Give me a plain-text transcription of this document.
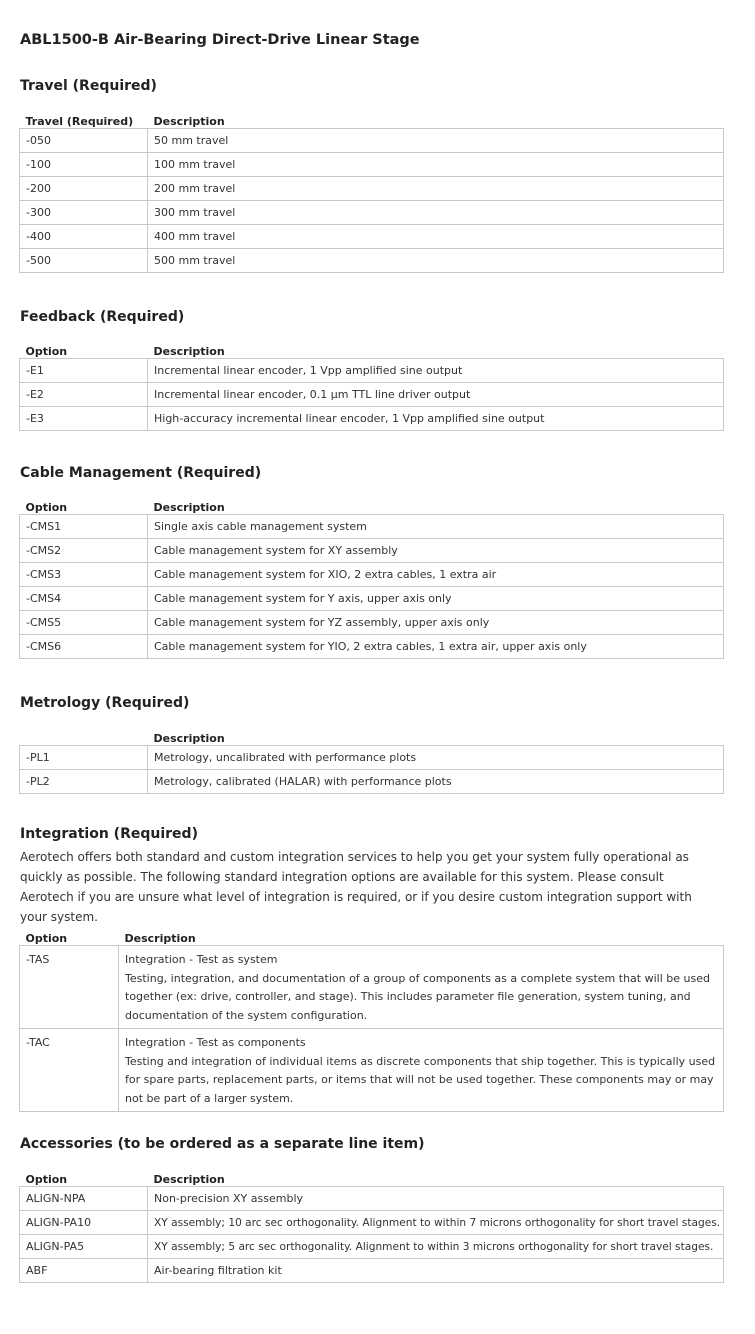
ABL1500-B Air-Bearing Direct-Drive Linear Stage
Travel (Required)
Travel (Required)	Description
-050	50 mm travel
-100	100 mm travel
-200	200 mm travel
-300	300 mm travel
-400	400 mm travel
-500	500 mm travel
Feedback (Required)
Option	Description
-E1	Incremental linear encoder, 1 Vpp amplified sine output
-E2	Incremental linear encoder, 0.1 µm TTL line driver output
-E3	High-accuracy incremental linear encoder, 1 Vpp amplified sine output
Cable Management (Required)
Option	Description
-CMS1	Single axis cable management system
-CMS2	Cable management system for XY assembly
-CMS3	Cable management system for XIO, 2 extra cables, 1 extra air
-CMS4	Cable management system for Y axis, upper axis only
-CMS5	Cable management system for YZ assembly, upper axis only
-CMS6	Cable management system for YIO, 2 extra cables, 1 extra air, upper axis only
Metrology (Required)
	Description
-PL1	Metrology, uncalibrated with performance plots
-PL2	Metrology, calibrated (HALAR) with performance plots
Integration (Required)
Aerotech offers both standard and custom integration services to help you get your system fully operational as quickly as possible. The following standard integration options are available for this system. Please consult Aerotech if you are unsure what level of integration is required, or if you desire custom integration support with your system.
Option	Description
-TAS	Integration - Test as system
Testing, integration, and documentation of a group of components as a complete system that will be used together (ex: drive, controller, and stage). This includes parameter file generation, system tuning, and documentation of the system configuration.

-TAC	Integration - Test as components
Testing and integration of individual items as discrete components that ship together. This is typically used for spare parts, replacement parts, or items that will not be used together. These components may or may not be part of a larger system.
Accessories (to be ordered as a separate line item)
Option	Description
ALIGN-NPA	Non-precision XY assembly
ALIGN-PA10	XY assembly; 10 arc sec orthogonality. Alignment to within 7 microns orthogonality for short travel stages.
ALIGN-PA5	XY assembly; 5 arc sec orthogonality. Alignment to within 3 microns orthogonality for short travel stages.
ABF	Air-bearing filtration kit
